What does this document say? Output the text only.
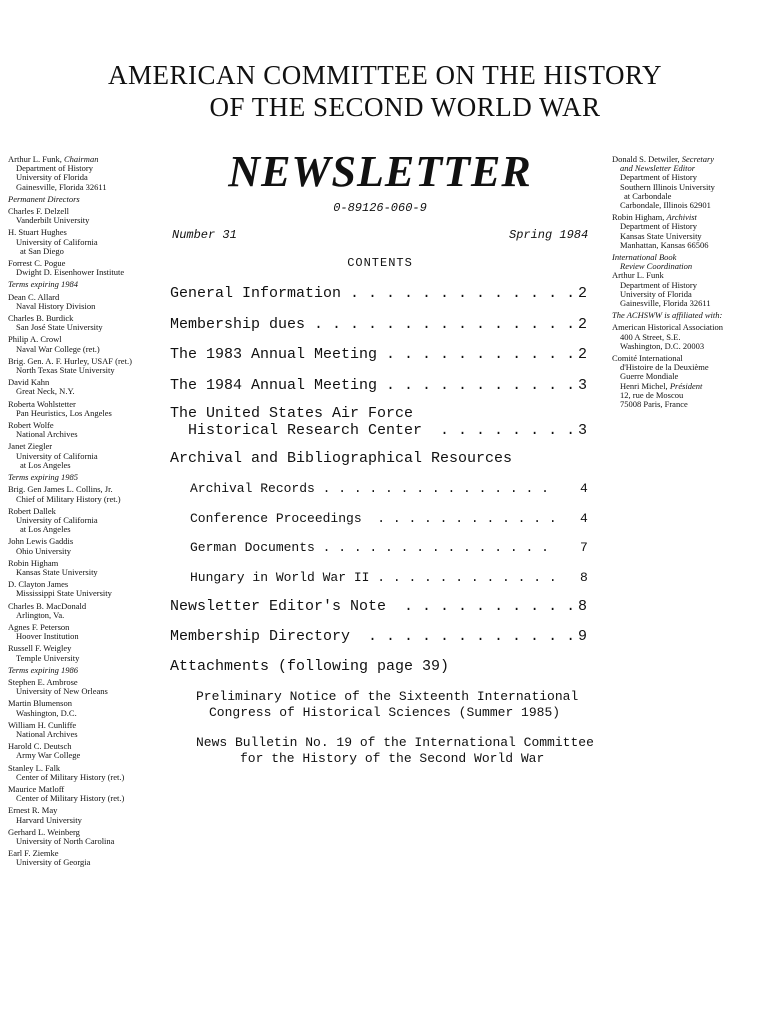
AMERICAN COMMITTEE ON THE HISTORY
OF THE SECOND WORLD WAR
NEWSLETTER
0-89126-060-9
Number 31	Spring 1984
CONTENTS
General Information . . . . . . . . . . . . . 2
Membership dues . . . . . . . . . . . . . . . 2
The 1983 Annual Meeting . . . . . . . . . . . 2
The 1984 Annual Meeting . . . . . . . . . . . 3
The United States Air Force
Historical Research Center  . . . . . . . . 3
Archival and Bibliographical Resources
Archival Records . . . . . . . . . . . . . . . 4
Conference Proceedings  . . . . . . . . . . . . 4
German Documents . . . . . . . . . . . . . . . 7
Hungary in World War II . . . . . . . . . . . . 8
Newsletter Editor's Note  . . . . . . . . . . 8
Membership Directory  . . . . . . . . . . . . 9
Attachments (following page 39)
Preliminary Notice of the Sixteenth International
Congress of Historical Sciences (Summer 1985)
News Bulletin No. 19 of the International Committee
for the History of the Second World War
Arthur L. Funk, Chairman
Department of History
University of Florida
Gainesville, Florida 32611
Permanent Directors
Charles F. Delzell
Vanderbilt University
H. Stuart Hughes
University of California
at San Diego
Forrest C. Pogue
Dwight D. Eisenhower Institute
Terms expiring 1984
Dean C. Allard
Naval History Division
Charles B. Burdick
San José State University
Philip A. Crowl
Naval War College (ret.)
Brig. Gen. A. F. Hurley, USAF (ret.)
North Texas State University
David Kahn
Great Neck, N.Y.
Roberta Wohlstetter
Pan Heuristics, Los Angeles
Robert Wolfe
National Archives
Janet Ziegler
University of California
at Los Angeles
Terms expiring 1985
Brig. Gen James L. Collins, Jr.
Chief of Military History (ret.)
Robert Dallek
University of California
at Los Angeles
John Lewis Gaddis
Ohio University
Robin Higham
Kansas State University
D. Clayton James
Mississippi State University
Charles B. MacDonald
Arlington, Va.
Agnes F. Peterson
Hoover Institution
Russell F. Weigley
Temple University
Terms expiring 1986
Stephen E. Ambrose
University of New Orleans
Martin Blumenson
Washington, D.C.
William H. Cunliffe
National Archives
Harold C. Deutsch
Army War College
Stanley L. Falk
Center of Military History (ret.)
Maurice Matloff
Center of Military History (ret.)
Ernest R. May
Harvard University
Gerhard L. Weinberg
University of North Carolina
Earl F. Ziemke
University of Georgia
Donald S. Detwiler, Secretary
and Newsletter Editor
Department of History
Southern Illinois University
at Carbondale
Carbondale, Illinois 62901
Robin Higham, Archivist
Department of History
Kansas State University
Manhattan, Kansas 66506
International Book
Review Coordination
Arthur L. Funk
Department of History
University of Florida
Gainesville, Florida 32611
The ACHSWW is affiliated with:
American Historical Association
400 A Street, S.E.
Washington, D.C. 20003
Comité International
d'Histoire de la Deuxième
Guerre Mondiale
Henri Michel, Président
12, rue de Moscou
75008 Paris, France
